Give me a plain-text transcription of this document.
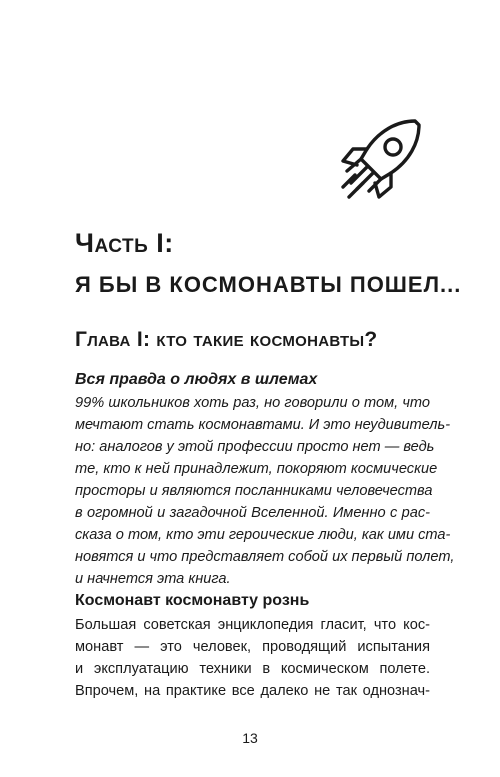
Часть I:
Я БЫ В КОСМОНАВТЫ ПОШЕЛ...
Глава I: кто такие космонавты?
Вся правда о людях в шлемах

99% школьников хоть раз, но говорили о том, что
мечтают стать космонавтами. И это неудивитель-
но: аналогов у этой профессии просто нет — ведь
те, кто к ней принадлежит, покоряют космические
просторы и являются посланниками человечества
в огромной и загадочной Вселенной. Именно с рас-
сказа о том, кто эти героические люди, как ими ста-
новятся и что представляет собой их первый полет,
и начнется эта книга.

Космонавт космонавту рознь

Большая советская энциклопедия гласит, что кос-
монавт — это человек, проводящий испытания
и эксплуатацию техники в космическом полете.
Впрочем, на практике все далеко не так однознач-

13
